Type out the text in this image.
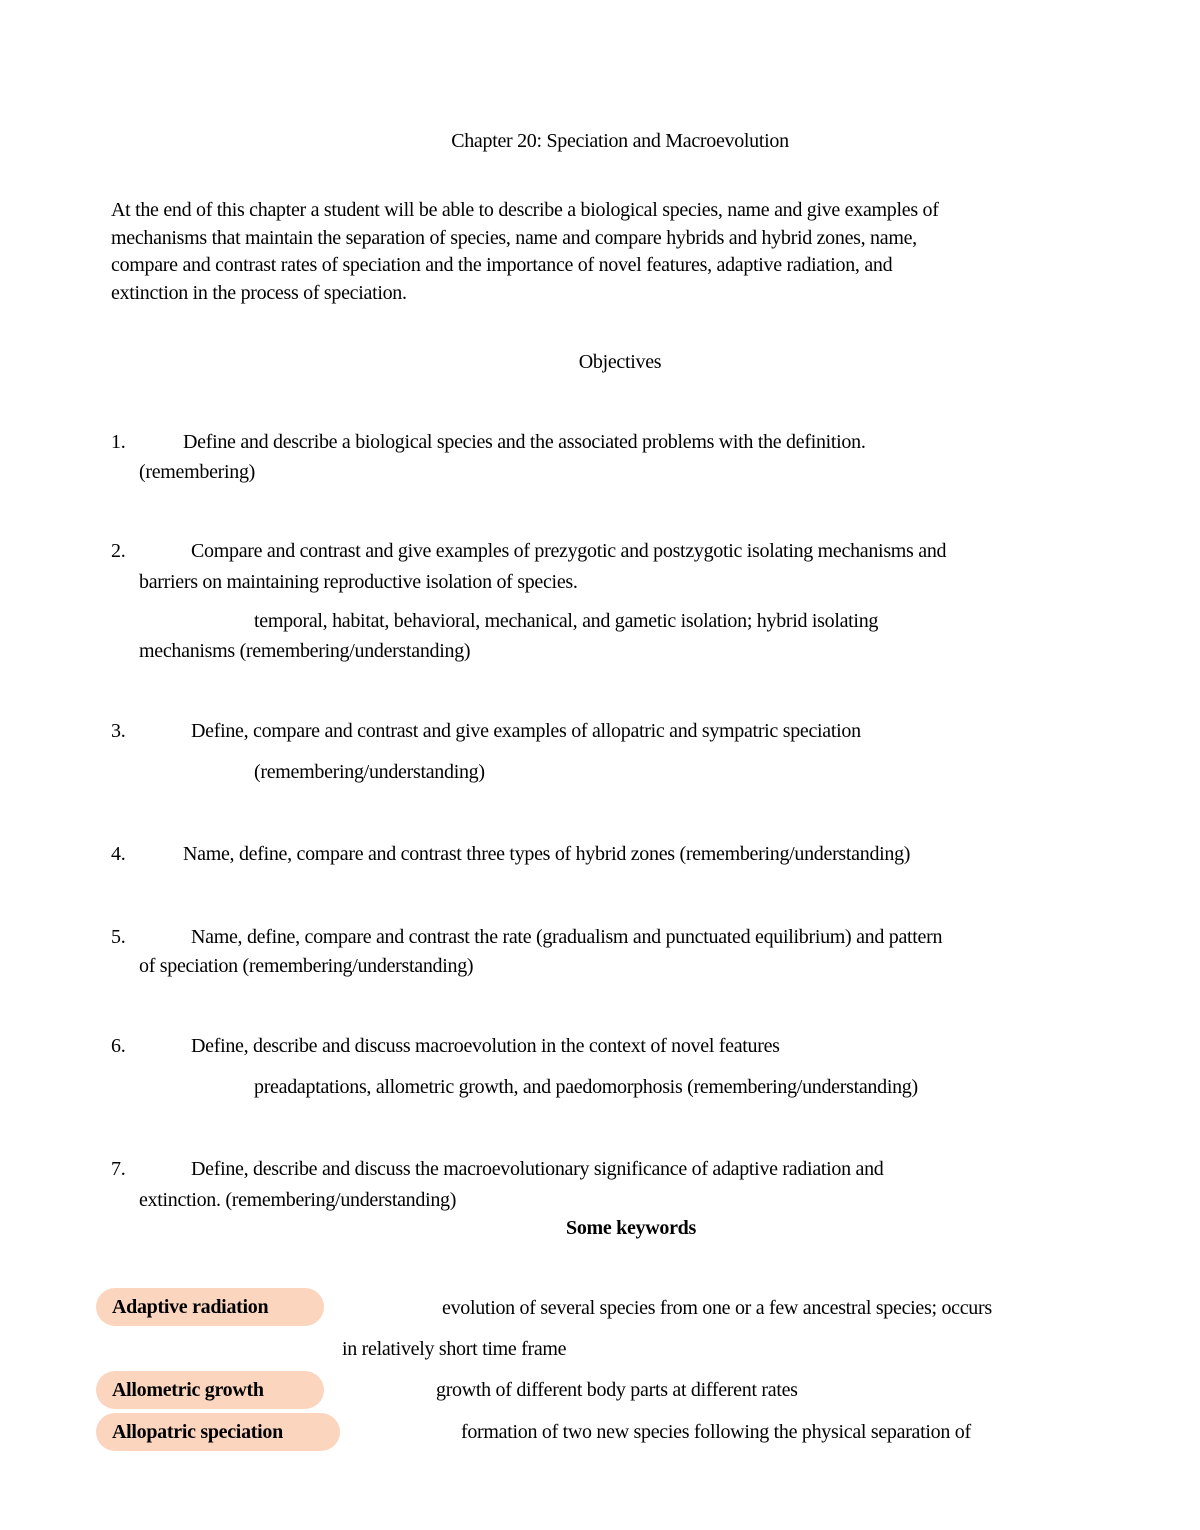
Chapter 20: Speciation and Macroevolution
At the end of this chapter a student will be able to describe a biological species, name and give examples of
mechanisms that maintain the separation of species, name and compare hybrids and hybrid zones, name,
compare and contrast rates of speciation and the importance of novel features, adaptive radiation, and
extinction in the process of speciation.
Objectives
1.	Define and describe a biological species and the associated problems with the definition.
(remembering)
2.	Compare and contrast and give examples of prezygotic and postzygotic isolating mechanisms and
barriers on maintaining reproductive isolation of species.
temporal, habitat, behavioral, mechanical, and gametic isolation; hybrid isolating
mechanisms (remembering/understanding)
3.	Define, compare and contrast and give examples of allopatric and sympatric speciation
(remembering/understanding)
4.	Name, define, compare and contrast three types of hybrid zones (remembering/understanding)
5.	Name, define, compare and contrast the rate (gradualism and punctuated equilibrium) and pattern
of speciation (remembering/understanding)
6.	Define, describe and discuss macroevolution in the context of novel features
preadaptations, allometric growth, and paedomorphosis (remembering/understanding)
7.	Define, describe and discuss the macroevolutionary significance of adaptive radiation and
extinction. (remembering/understanding)
Some keywords
Adaptive radiation	evolution of several species from one or a few ancestral species; occurs
in relatively short time frame
Allometric growth	growth of different body parts at different rates
Allopatric speciation	formation of two new species following the physical separation of
